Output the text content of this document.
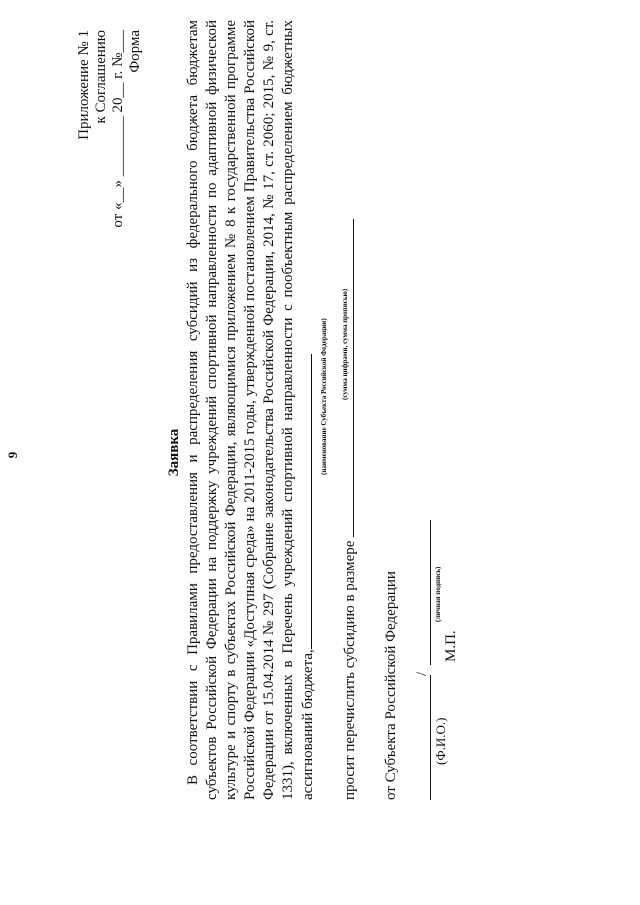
9
Приложение № 1 к Соглашению от «__» ________ 20__ г. №___ Форма
Заявка В соответствии с Правилами предоставления и распределения субсидий из федерального бюджета бюджетам субъектов Российской Федерации на поддержку учреждений спортивной направленности по адаптивной физической культуре и спорту в субъектах Российской Федерации, являющимися приложением № 8 к государственной программе Российской Федерации «Доступная среда» на 2011-2015 годы, утвержденной постановлением Правительства Российской Федерации от 15.04.2014 № 297 (Собрание законодательства Российской Федерации, 2014, № 17, ст. 2060; 2015, № 9, ст. 1331), включенных в Перечень учреждений спортивной направленности с пообъектным распределением бюджетных ассигнований бюджета,

(наименование Субъекта Российской Федерации)
просит перечислить субсидию в размере
(сумма цифрами, сумма прописью)
от Субъекта Российской Федерации /
(Ф.И.О.)
(личная подпись)
М.П.
